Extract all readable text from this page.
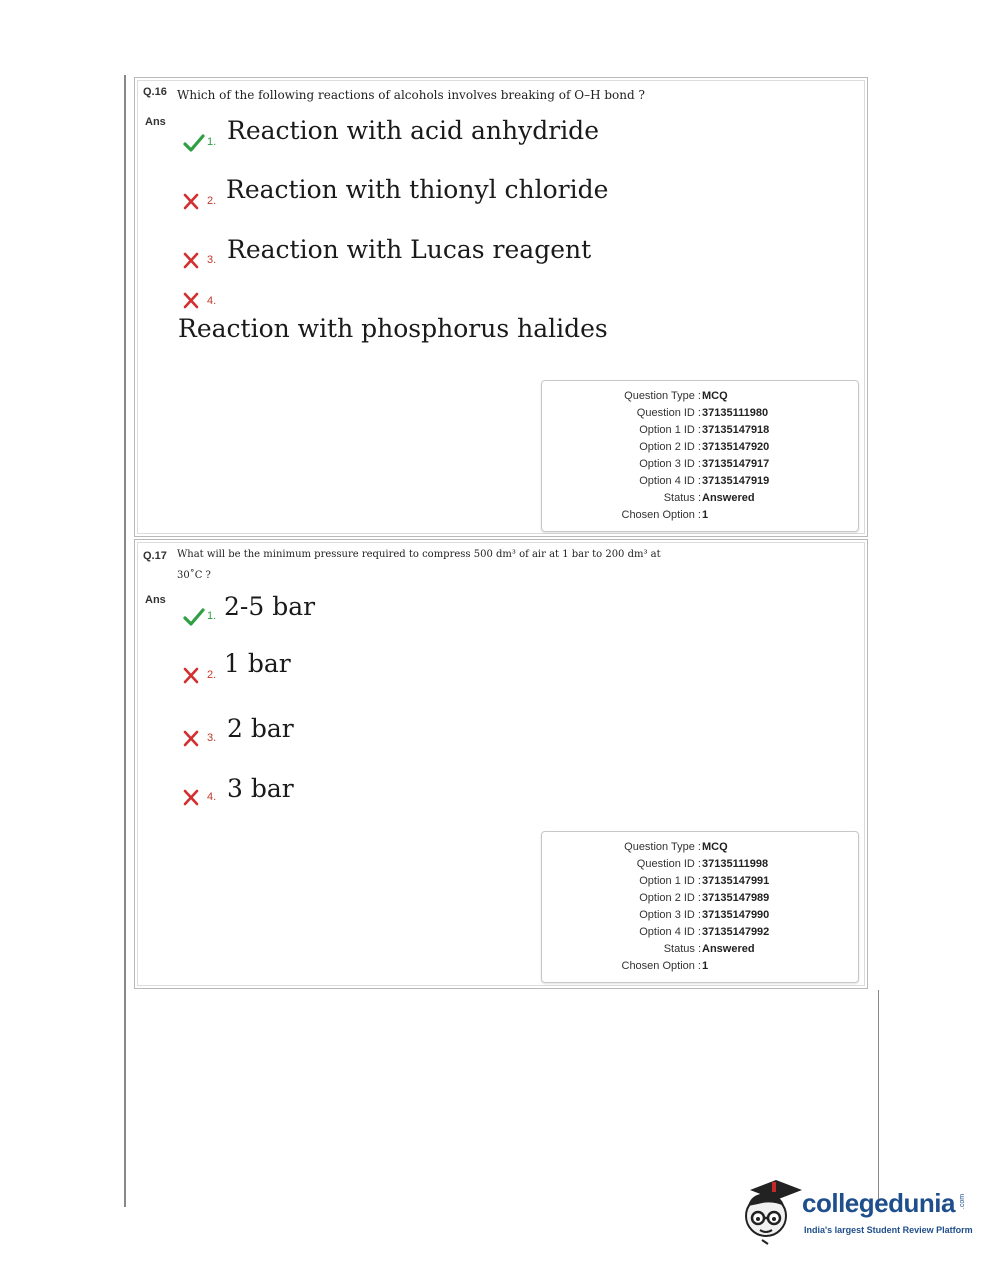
Q.16 Which of the following reactions of alcohols involves breaking of O–H bond ?
Ans
1. Reaction with acid anhydride
2. Reaction with thionyl chloride
3. Reaction with Lucas reagent
4.
Reaction with phosphorus halides
Question Type : MCQ
Question ID : 37135111980
Option 1 ID : 37135147918
Option 2 ID : 37135147920
Option 3 ID : 37135147917
Option 4 ID : 37135147919
Status : Answered
Chosen Option : 1
Q.17 What will be the minimum pressure required to compress 500 dm³ of air at 1 bar to 200 dm³ at
30˚C ?
Ans
1. 2-5 bar
2. 1 bar
3. 2 bar
4. 3 bar
Question Type : MCQ
Question ID : 37135111998
Option 1 ID : 37135147991
Option 2 ID : 37135147989
Option 3 ID : 37135147990
Option 4 ID : 37135147992
Status : Answered
Chosen Option : 1
collegedunia .com
India's largest Student Review Platform
